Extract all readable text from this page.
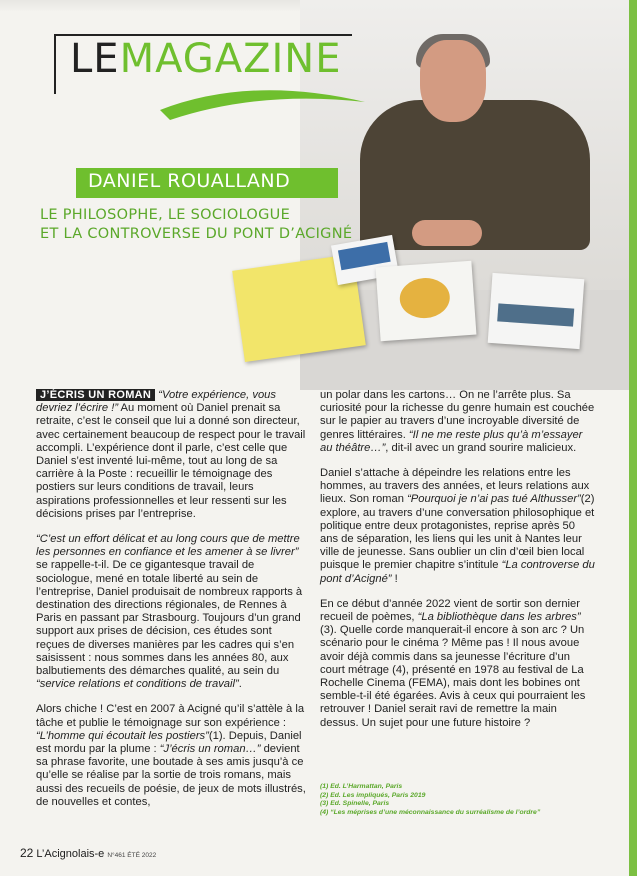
LEMAGAZINE
DANIEL ROUALLAND
LE PHILOSOPHE, LE SOCIOLOGUE
ET LA CONTROVERSE DU PONT D’ACIGNÉ

J’ÉCRIS UN ROMAN “Votre expérience, vous devriez l’écrire !” Au moment où Daniel prenait sa retraite, c’est le conseil que lui a donné son directeur, avec certainement beaucoup de respect pour le travail accompli. L’expérience dont il parle, c’est celle que Daniel s’est inventé lui-même, tout au long de sa carrière à la Poste : recueillir le témoignage des postiers sur leurs conditions de travail, leurs aspirations professionnelles et leur ressenti sur les décisions prises par l’entreprise.

“C’est un effort délicat et au long cours que de mettre les personnes en confiance et les amener à se livrer” se rappelle-t-il. De ce gigantesque travail de sociologue, mené en totale liberté au sein de l’entreprise, Daniel produisait de nombreux rapports à destination des directions régionales, de Rennes à Paris en passant par Strasbourg. Toujours d’un grand support aux prises de décision, ces études sont reçues de diverses manières par les cadres qui s’en saisissent : nous sommes dans les années 80, aux balbutiements des démarches qualité, au sein du “service relations et conditions de travail”.

Alors chiche ! C’est en 2007 à Acigné qu’il s’attèle à la tâche et publie le témoignage sur son expérience : “L’homme qui écoutait les postiers”(1). Depuis, Daniel est mordu par la plume : “J’écris un roman…” devient sa phrase favorite, une boutade à ses amis jusqu’à ce qu’elle se réalise par la sortie de trois romans, mais aussi des recueils de poésie, de jeux de mots illustrés, de nouvelles et contes,

un polar dans les cartons… On ne l’arrête plus. Sa curiosité pour la richesse du genre humain est couchée sur le papier au travers d’une incroyable diversité de genres littéraires. “Il ne me reste plus qu’à m’essayer au théâtre…”, dit-il avec un grand sourire malicieux.

Daniel s’attache à dépeindre les relations entre les hommes, au travers des années, et leurs relations aux lieux. Son roman “Pourquoi je n’ai pas tué Althusser”(2) explore, au travers d’une conversation philosophique et politique entre deux protagonistes, reprise après 50 ans de séparation, les liens qui les unit à Nantes leur ville de jeunesse. Sans oublier un clin d’œil bien local puisque le premier chapitre s’intitule “La controverse du pont d’Acigné” !

En ce début d’année 2022 vient de sortir son dernier recueil de poèmes, “La bibliothèque dans les arbres” (3). Quelle corde manquerait-il encore à son arc ? Un scénario pour le cinéma ? Même pas ! Il nous avoue avoir déjà commis dans sa jeunesse l’écriture d’un court métrage (4), présenté en 1978 au festival de La Rochelle Cinema (FEMA), mais dont les bobines ont semble-t-il été égarées. Avis à ceux qui pourraient les retrouver ! Daniel serait ravi de remettre la main dessus. Un sujet pour une future histoire ?

(1) Ed. L’Harmattan, Paris
(2) Ed. Les impliqués, Paris 2019
(3) Ed. Spinelle, Paris
(4) “Les méprises d’une méconnaissance du surréalisme de l’ordre”
22 L’Acignolais-e N°461 ÉTÉ 2022
